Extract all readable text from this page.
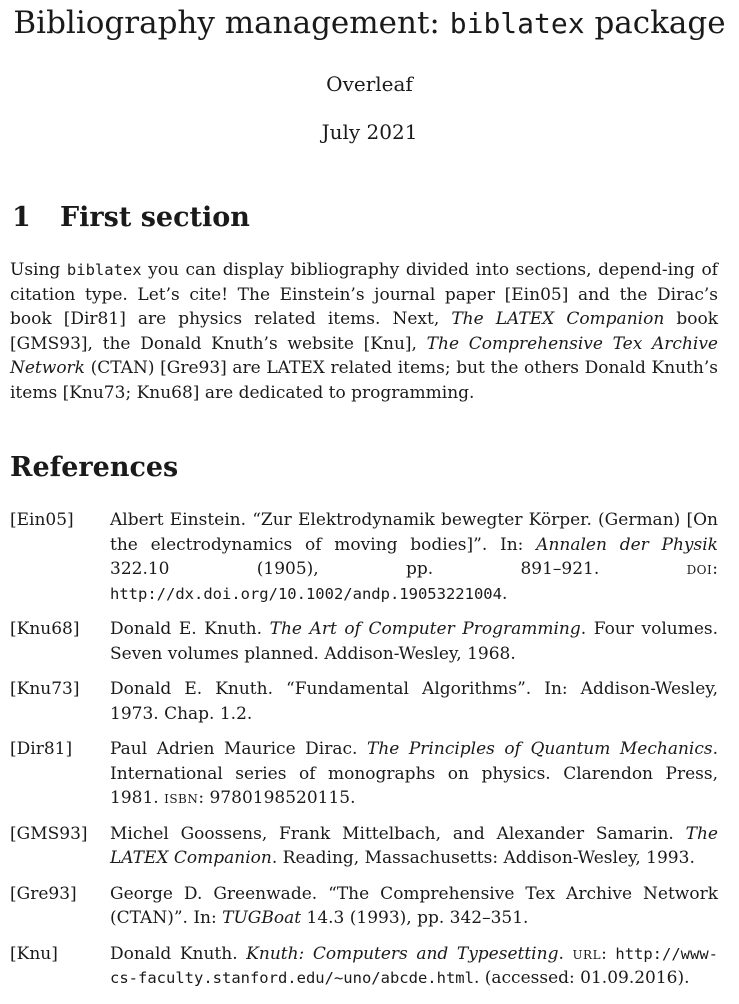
Bibliography management: biblatex package
Overleaf
July 2021
1 First section
Using biblatex you can display bibliography divided into sections, depend-ing of citation type. Let’s cite! The Einstein’s journal paper [Ein05] and the Dirac’s book [Dir81] are physics related items. Next, The LATEX Companion book [GMS93], the Donald Knuth’s website [Knu], The Comprehensive Tex Archive Network (CTAN) [Gre93] are LATEX related items; but the others Donald Knuth’s items [Knu73; Knu68] are dedicated to programming.
References
[Ein05]	Albert Einstein. “Zur Elektrodynamik bewegter Körper. (German) [On the electrodynamics of moving bodies]”. In: Annalen der Physik 322.10 (1905), pp. 891–921. doi: http://dx.doi.org/10.1002/andp.19053221004.
[Knu68]	Donald E. Knuth. The Art of Computer Programming. Four volumes. Seven volumes planned. Addison-Wesley, 1968.
[Knu73]	Donald E. Knuth. “Fundamental Algorithms”. In: Addison-Wesley, 1973. Chap. 1.2.
[Dir81]	Paul Adrien Maurice Dirac. The Principles of Quantum Mechanics. International series of monographs on physics. Clarendon Press, 1981. isbn: 9780198520115.
[GMS93]	Michel Goossens, Frank Mittelbach, and Alexander Samarin. The LATEX Companion. Reading, Massachusetts: Addison-Wesley, 1993.
[Gre93]	George D. Greenwade. “The Comprehensive Tex Archive Network (CTAN)”. In: TUGBoat 14.3 (1993), pp. 342–351.
[Knu]	Donald Knuth. Knuth: Computers and Typesetting. url: http://www-cs-faculty.stanford.edu/~uno/abcde.html. (accessed: 01.09.2016).
